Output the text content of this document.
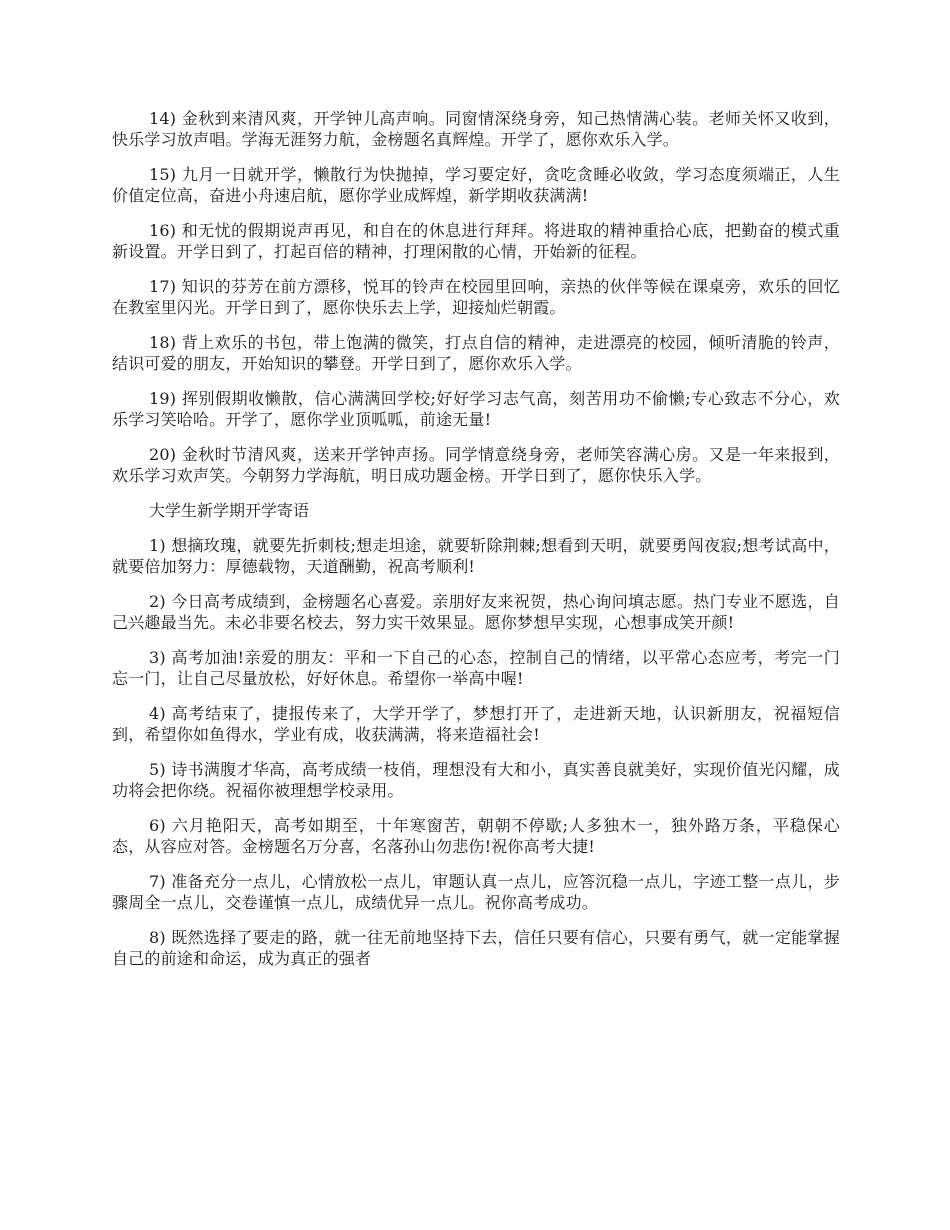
14) 金秋到来清风爽，开学钟儿高声响。同窗情深绕身旁，知己热情满心装。老师关怀又收到，快乐学习放声唱。学海无涯努力航，金榜题名真辉煌。开学了，愿你欢乐入学。

15) 九月一日就开学，懒散行为快抛掉，学习要定好，贪吃贪睡必收敛，学习态度须端正，人生价值定位高，奋进小舟速启航，愿你学业成辉煌，新学期收获满满!

16) 和无忧的假期说声再见，和自在的休息进行拜拜。将进取的精神重拾心底，把勤奋的模式重新设置。开学日到了，打起百倍的精神，打理闲散的心情，开始新的征程。

17) 知识的芬芳在前方漂移，悦耳的铃声在校园里回响，亲热的伙伴等候在课桌旁，欢乐的回忆在教室里闪光。开学日到了，愿你快乐去上学，迎接灿烂朝霞。

18) 背上欢乐的书包，带上饱满的微笑，打点自信的精神，走进漂亮的校园，倾听清脆的铃声，结识可爱的朋友，开始知识的攀登。开学日到了，愿你欢乐入学。

19) 挥别假期收懒散，信心满满回学校;好好学习志气高，刻苦用功不偷懒;专心致志不分心，欢乐学习笑哈哈。开学了，愿你学业顶呱呱，前途无量!

20) 金秋时节清风爽，送来开学钟声扬。同学情意绕身旁，老师笑容满心房。又是一年来报到，欢乐学习欢声笑。今朝努力学海航，明日成功题金榜。开学日到了，愿你快乐入学。

大学生新学期开学寄语

1) 想摘玫瑰，就要先折刺枝;想走坦途，就要斩除荆棘;想看到天明，就要勇闯夜寂;想考试高中，就要倍加努力：厚德载物，天道酬勤，祝高考顺利!

2) 今日高考成绩到，金榜题名心喜爱。亲朋好友来祝贺，热心询问填志愿。热门专业不愿选，自己兴趣最当先。未必非要名校去，努力实干效果显。愿你梦想早实现，心想事成笑开颜!

3) 高考加油!亲爱的朋友：平和一下自己的心态，控制自己的情绪，以平常心态应考，考完一门忘一门，让自己尽量放松，好好休息。希望你一举高中喔!

4) 高考结束了，捷报传来了，大学开学了，梦想打开了，走进新天地，认识新朋友，祝福短信到，希望你如鱼得水，学业有成，收获满满，将来造福社会!

5) 诗书满腹才华高，高考成绩一枝俏，理想没有大和小，真实善良就美好，实现价值光闪耀，成功将会把你绕。祝福你被理想学校录用。

6) 六月艳阳天，高考如期至，十年寒窗苦，朝朝不停歇;人多独木一，独外路万条，平稳保心态，从容应对答。金榜题名万分喜，名落孙山勿悲伤!祝你高考大捷!

7) 准备充分一点儿，心情放松一点儿，审题认真一点儿，应答沉稳一点儿，字迹工整一点儿，步骤周全一点儿，交卷谨慎一点儿，成绩优异一点儿。祝你高考成功。

8) 既然选择了要走的路，就一往无前地坚持下去，信任只要有信心，只要有勇气，就一定能掌握自己的前途和命运，成为真正的强者
